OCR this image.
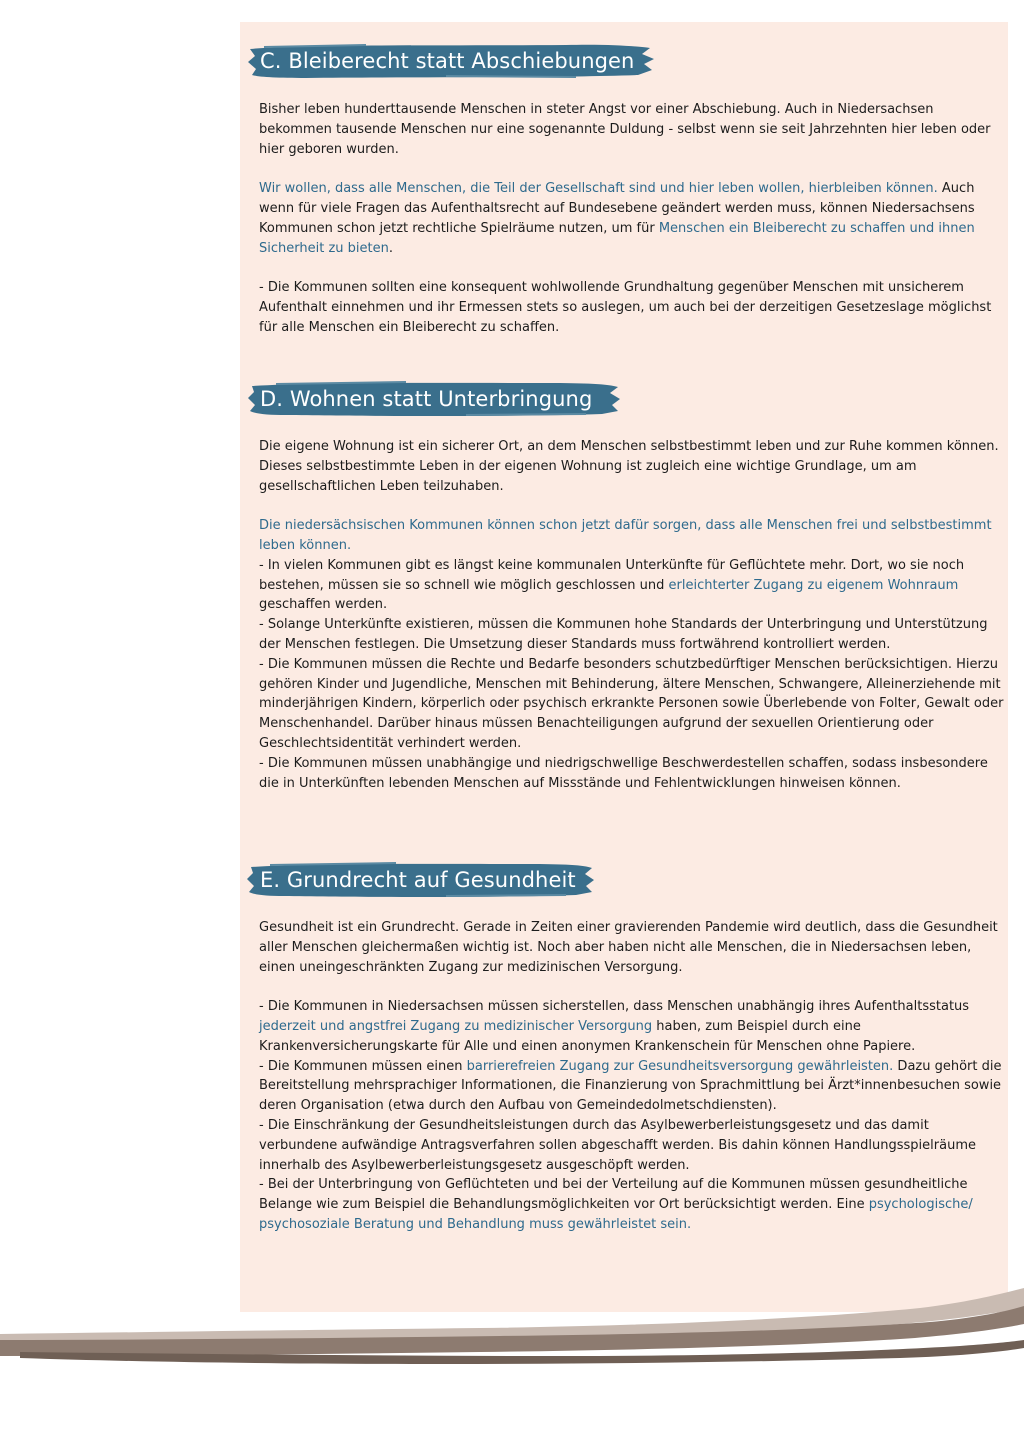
C. Bleiberecht statt Abschiebungen

Bisher leben hunderttausende Menschen in steter Angst vor einer Abschiebung. Auch in Niedersachsen bekommen tausende Menschen nur eine sogenannte Duldung - selbst wenn sie seit Jahrzehnten hier leben oder hier geboren wurden.

Wir wollen, dass alle Menschen, die Teil der Gesellschaft sind und hier leben wollen, hierbleiben können. Auch wenn für viele Fragen das Aufenthaltsrecht auf Bundesebene geändert werden muss, können Niedersachsens Kommunen schon jetzt rechtliche Spielräume nutzen, um für Menschen ein Bleiberecht zu schaffen und ihnen Sicherheit zu bieten.

- Die Kommunen sollten eine konsequent wohlwollende Grundhaltung gegenüber Menschen mit unsicherem Aufenthalt einnehmen und ihr Ermessen stets so auslegen, um auch bei der derzeitigen Gesetzeslage möglichst für alle Menschen ein Bleiberecht zu schaffen.

D. Wohnen statt Unterbringung

Die eigene Wohnung ist ein sicherer Ort, an dem Menschen selbstbestimmt leben und zur Ruhe kommen können. Dieses selbstbestimmte Leben in der eigenen Wohnung ist zugleich eine wichtige Grundlage, um am gesellschaftlichen Leben teilzuhaben.

Die niedersächsischen Kommunen können schon jetzt dafür sorgen, dass alle Menschen frei und selbstbestimmt leben können.

- In vielen Kommunen gibt es längst keine kommunalen Unterkünfte für Geflüchtete mehr. Dort, wo sie noch bestehen, müssen sie so schnell wie möglich geschlossen und erleichterter Zugang zu eigenem Wohnraum geschaffen werden.

- Solange Unterkünfte existieren, müssen die Kommunen hohe Standards der Unterbringung und Unterstützung der Menschen festlegen. Die Umsetzung dieser Standards muss fortwährend kontrolliert werden.

- Die Kommunen müssen die Rechte und Bedarfe besonders schutzbedürftiger Menschen berücksichtigen. Hierzu gehören Kinder und Jugendliche, Menschen mit Behinderung, ältere Menschen, Schwangere, Alleinerziehende mit minderjährigen Kindern, körperlich oder psychisch erkrankte Personen sowie Überlebende von Folter, Gewalt oder Menschenhandel. Darüber hinaus müssen Benachteiligungen aufgrund der sexuellen Orientierung oder Geschlechtsidentität verhindert werden.

- Die Kommunen müssen unabhängige und niedrigschwellige Beschwerdestellen schaffen, sodass insbesondere die in Unterkünften lebenden Menschen auf Missstände und Fehlentwicklungen hinweisen können.

E. Grundrecht auf Gesundheit

Gesundheit ist ein Grundrecht. Gerade in Zeiten einer gravierenden Pandemie wird deutlich, dass die Gesundheit aller Menschen gleichermaßen wichtig ist. Noch aber haben nicht alle Menschen, die in Niedersachsen leben, einen uneingeschränkten Zugang zur medizinischen Versorgung.

- Die Kommunen in Niedersachsen müssen sicherstellen, dass Menschen unabhängig ihres Aufenthaltsstatus jederzeit und angstfrei Zugang zu medizinischer Versorgung haben, zum Beispiel durch eine Krankenversicherungskarte für Alle und einen anonymen Krankenschein für Menschen ohne Papiere.

- Die Kommunen müssen einen barrierefreien Zugang zur Gesundheitsversorgung gewährleisten. Dazu gehört die Bereitstellung mehrsprachiger Informationen, die Finanzierung von Sprachmittlung bei Ärzt*innenbesuchen sowie deren Organisation (etwa durch den Aufbau von Gemeindedolmetschdiensten).

- Die Einschränkung der Gesundheitsleistungen durch das Asylbewerberleistungsgesetz und das damit verbundene aufwändige Antragsverfahren sollen abgeschafft werden. Bis dahin können Handlungsspielräume innerhalb des Asylbewerberleistungsgesetz ausgeschöpft werden.

- Bei der Unterbringung von Geflüchteten und bei der Verteilung auf die Kommunen müssen gesundheitliche Belange wie zum Beispiel die Behandlungsmöglichkeiten vor Ort berücksichtigt werden. Eine psychologische/ psychosoziale Beratung und Behandlung muss gewährleistet sein.
